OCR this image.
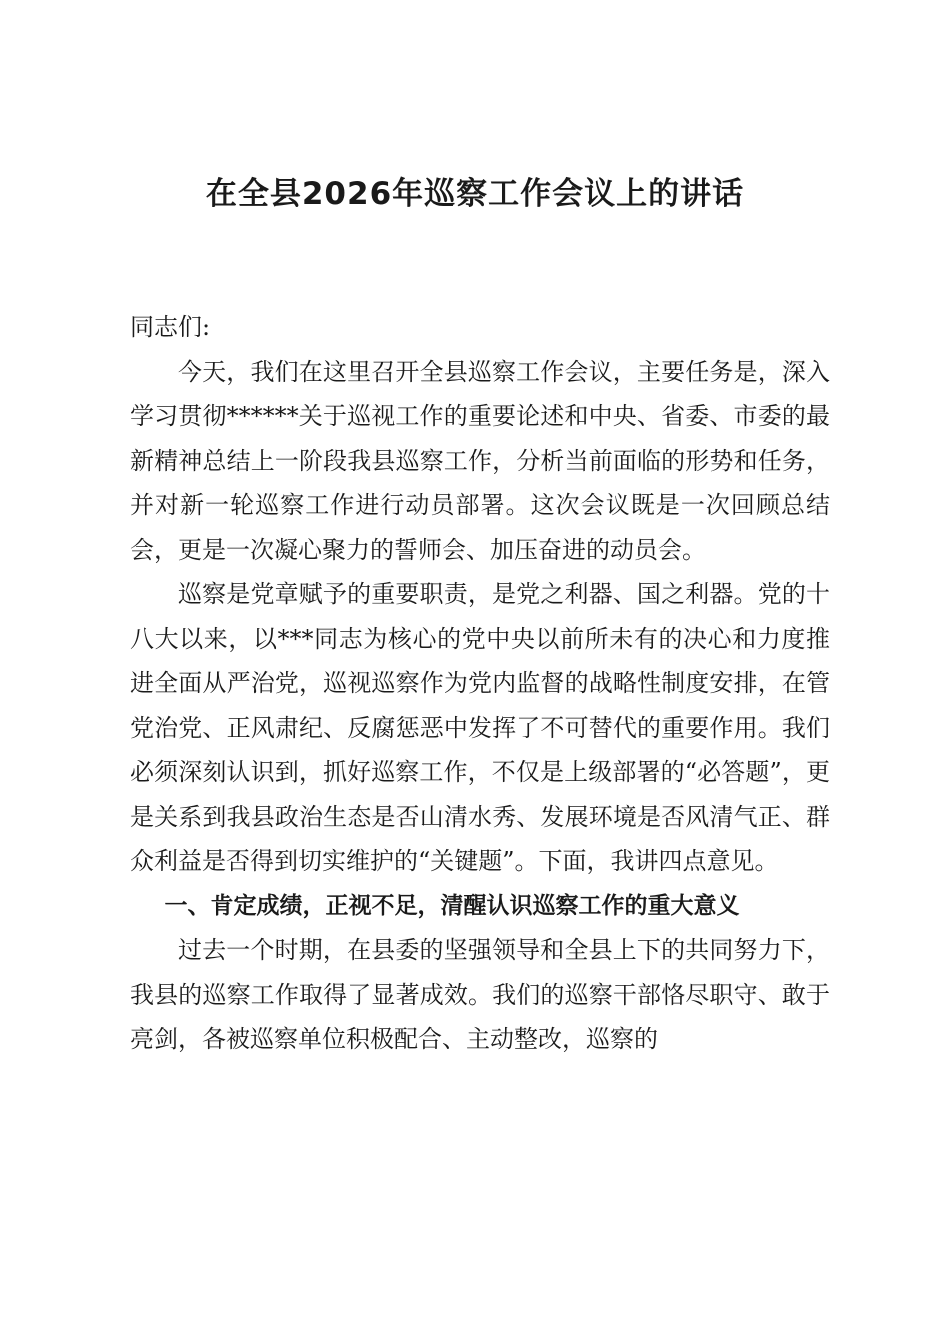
在全县2026年巡察工作会议上的讲话

同志们:

今天，我们在这里召开全县巡察工作会议，主要任务是，深入学习贯彻******关于巡视工作的重要论述和中央、省委、市委的最新精神总结上一阶段我县巡察工作，分析当前面临的形势和任务，并对新一轮巡察工作进行动员部署。这次会议既是一次回顾总结会，更是一次凝心聚力的誓师会、加压奋进的动员会。

巡察是党章赋予的重要职责，是党之利器、国之利器。党的十八大以来，以***同志为核心的党中央以前所未有的决心和力度推进全面从严治党，巡视巡察作为党内监督的战略性制度安排，在管党治党、正风肃纪、反腐惩恶中发挥了不可替代的重要作用。我们必须深刻认识到，抓好巡察工作，不仅是上级部署的“必答题”，更是关系到我县政治生态是否山清水秀、发展环境是否风清气正、群众利益是否得到切实维护的“关键题”。下面，我讲四点意见。

一、肯定成绩，正视不足，清醒认识巡察工作的重大意义

过去一个时期，在县委的坚强领导和全县上下的共同努力下，我县的巡察工作取得了显著成效。我们的巡察干部恪尽职守、敢于亮剑，各被巡察单位积极配合、主动整改，巡察的
